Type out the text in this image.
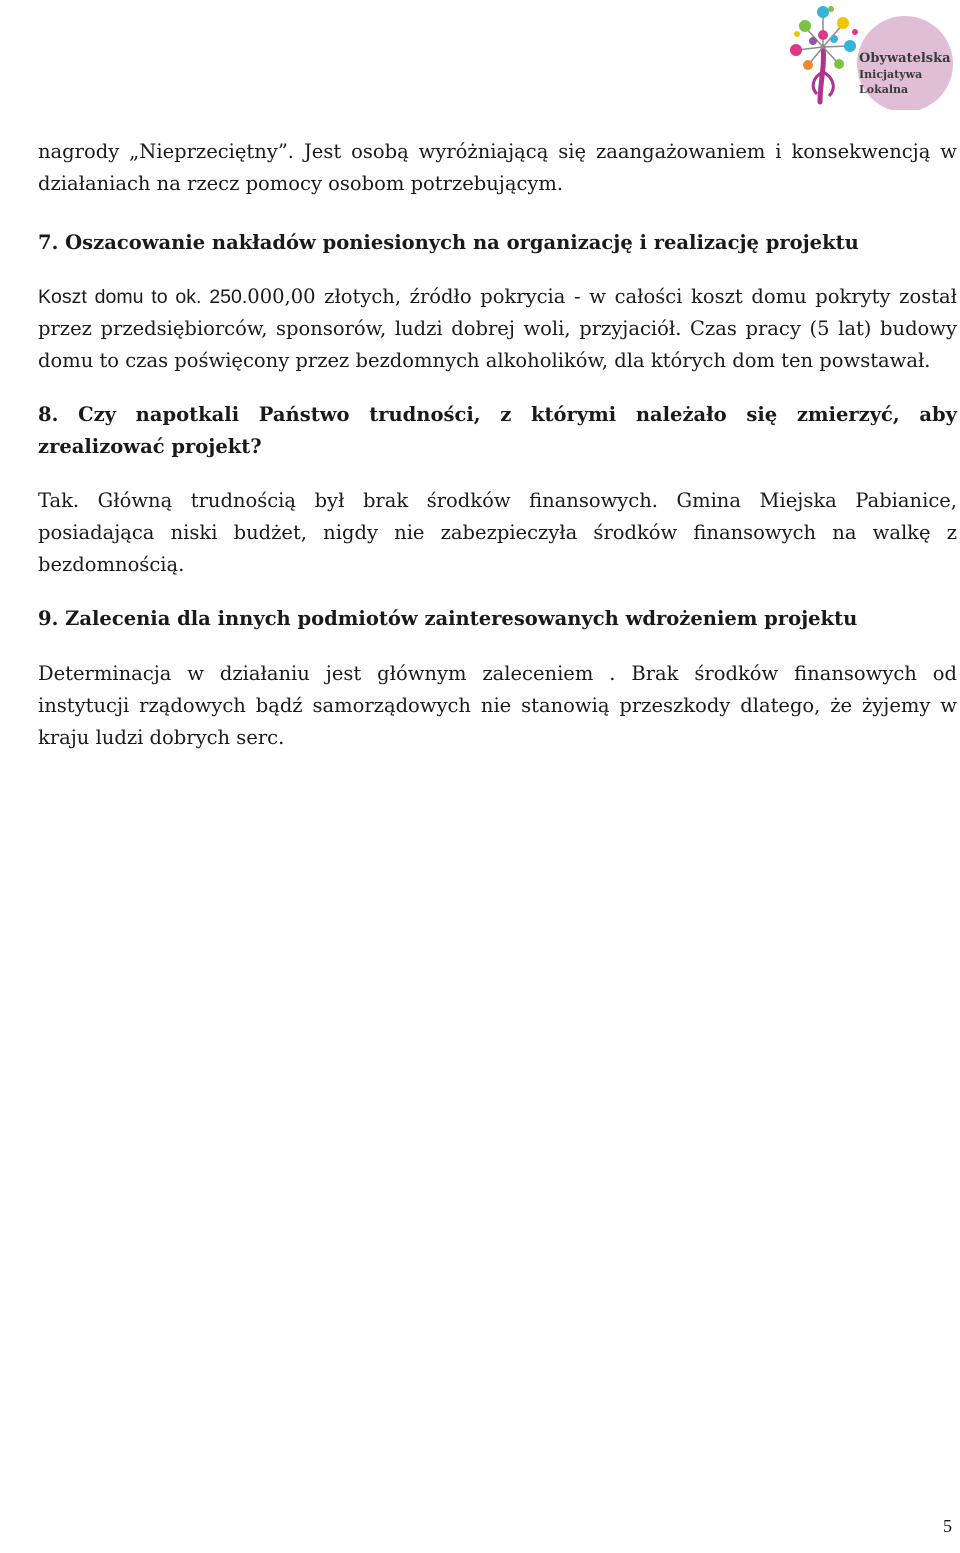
Obywatelska
Inicjatywa
Lokalna

nagrody „Nieprzeciętny”. Jest osobą wyróżniającą się zaangażowaniem i konsekwencją w działaniach na rzecz pomocy osobom potrzebującym.

7. Oszacowanie nakładów poniesionych na organizację i realizację projektu

Koszt domu to ok. 250.000,00 złotych, źródło pokrycia - w całości koszt domu pokryty został przez przedsiębiorców, sponsorów, ludzi dobrej woli, przyjaciół. Czas pracy (5 lat) budowy domu to czas poświęcony przez bezdomnych alkoholików, dla których dom ten powstawał.

8. Czy napotkali Państwo trudności, z którymi należało się zmierzyć, aby zrealizować projekt?

Tak. Główną trudnością był brak środków finansowych. Gmina Miejska Pabianice, posiadająca niski budżet, nigdy nie zabezpieczyła środków finansowych na walkę z bezdomnością.

9. Zalecenia dla innych podmiotów zainteresowanych wdrożeniem projektu

Determinacja w działaniu jest głównym zaleceniem . Brak środków finansowych od instytucji rządowych bądź samorządowych nie stanowią przeszkody dlatego, że żyjemy w kraju ludzi dobrych serc.

5
